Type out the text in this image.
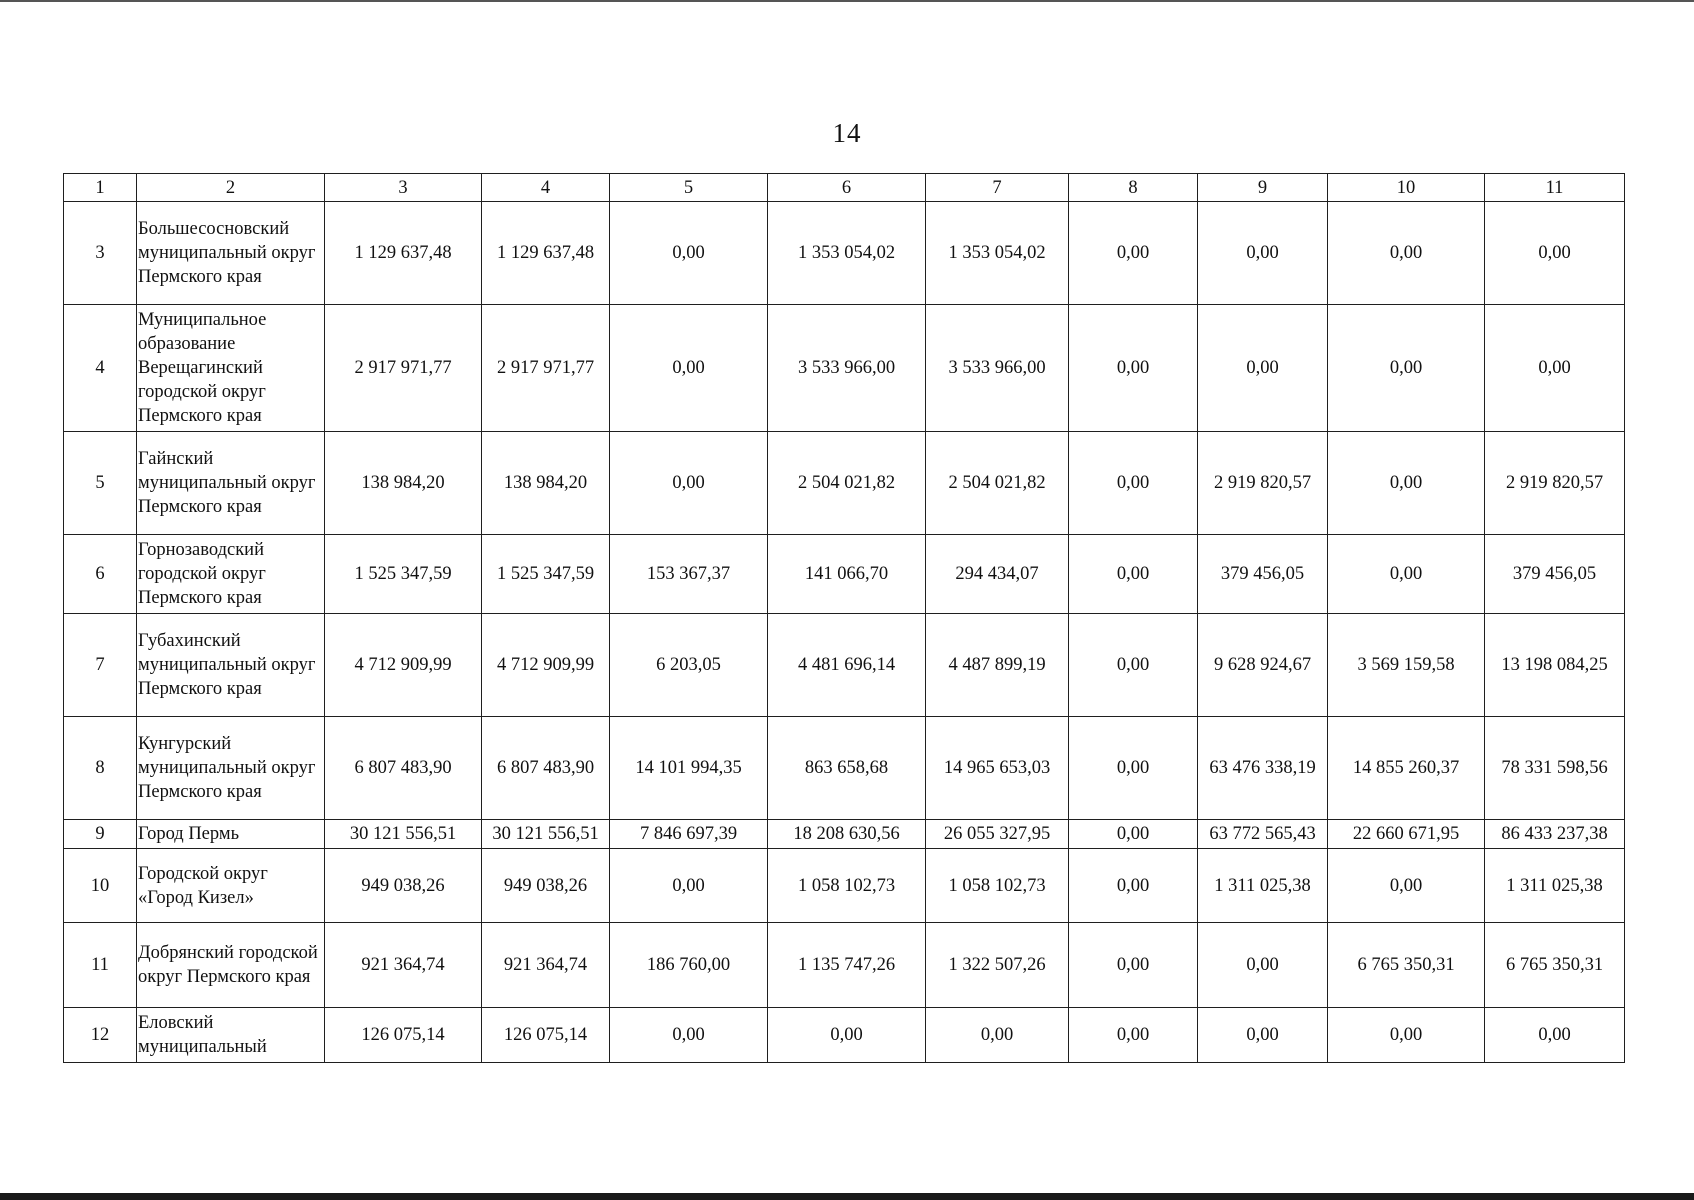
14
1	2	3	4	5	6	7	8	9	10	11
3	Большесосновский муниципальный округ Пермского края	1 129 637,48	1 129 637,48	0,00	1 353 054,02	1 353 054,02	0,00	0,00	0,00	0,00
4	Муниципальное образование Верещагинский городской округ Пермского края	2 917 971,77	2 917 971,77	0,00	3 533 966,00	3 533 966,00	0,00	0,00	0,00	0,00
5	Гайнский муниципальный округ Пермского края	138 984,20	138 984,20	0,00	2 504 021,82	2 504 021,82	0,00	2 919 820,57	0,00	2 919 820,57
6	Горнозаводский городской округ Пермского края	1 525 347,59	1 525 347,59	153 367,37	141 066,70	294 434,07	0,00	379 456,05	0,00	379 456,05
7	Губахинский муниципальный округ Пермского края	4 712 909,99	4 712 909,99	6 203,05	4 481 696,14	4 487 899,19	0,00	9 628 924,67	3 569 159,58	13 198 084,25
8	Кунгурский муниципальный округ Пермского края	6 807 483,90	6 807 483,90	14 101 994,35	863 658,68	14 965 653,03	0,00	63 476 338,19	14 855 260,37	78 331 598,56
9	Город Пермь	30 121 556,51	30 121 556,51	7 846 697,39	18 208 630,56	26 055 327,95	0,00	63 772 565,43	22 660 671,95	86 433 237,38
10	Городской округ «Город Кизел»	949 038,26	949 038,26	0,00	1 058 102,73	1 058 102,73	0,00	1 311 025,38	0,00	1 311 025,38
11	Добрянский городской округ Пермского края	921 364,74	921 364,74	186 760,00	1 135 747,26	1 322 507,26	0,00	0,00	6 765 350,31	6 765 350,31
12	Еловский муниципальный	126 075,14	126 075,14	0,00	0,00	0,00	0,00	0,00	0,00	0,00
